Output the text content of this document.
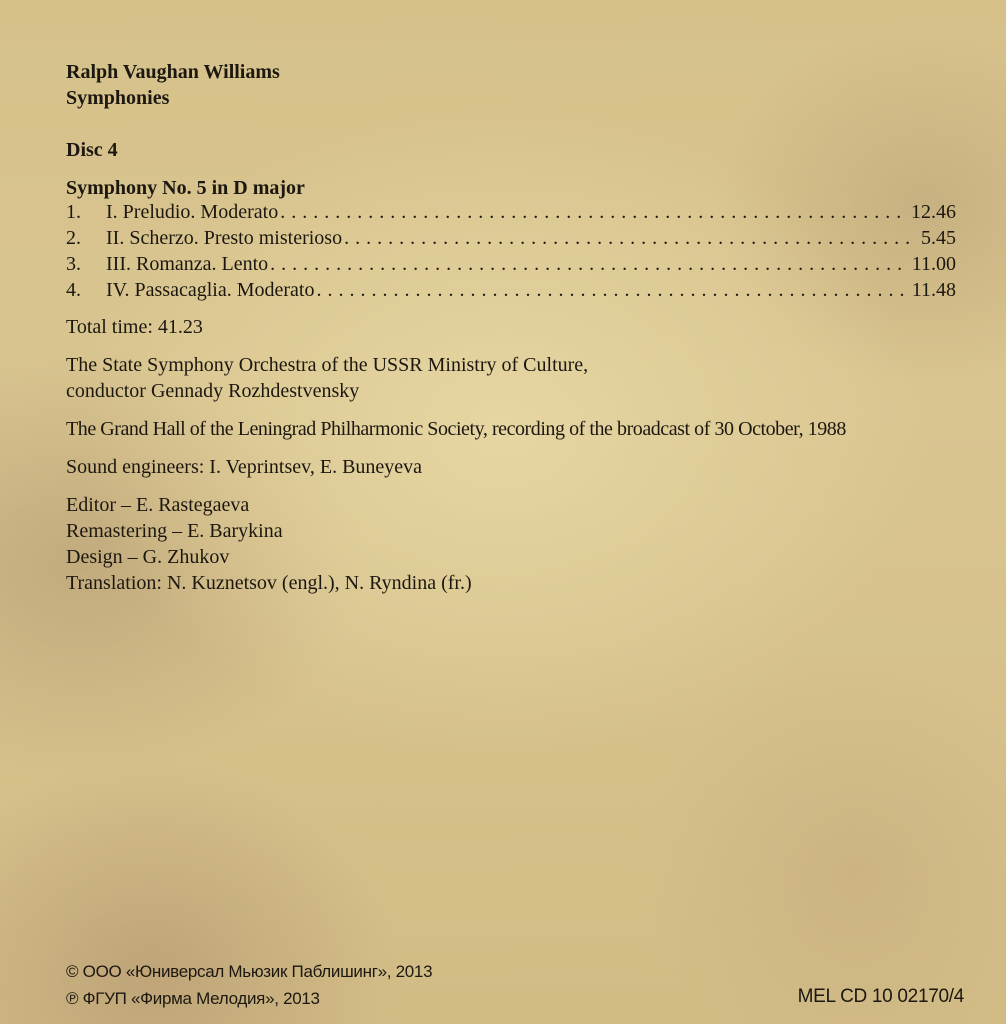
Ralph Vaughan Williams
Symphonies
Disc 4
Symphony No. 5 in D major
1.	I. Preludio. Moderato . . .	12.46
2.	II. Scherzo. Presto misterioso . . .	5.45
3.	III. Romanza. Lento . . .	11.00
4.	IV. Passacaglia. Moderato . . .	11.48
Total time: 41.23
The State Symphony Orchestra of the USSR Ministry of Culture,
conductor Gennady Rozhdestvensky
The Grand Hall of the Leningrad Philharmonic Society, recording of the broadcast of 30 October, 1988
Sound engineers: I. Veprintsev, E. Buneyeva
Editor – E. Rastegaeva
Remastering – E. Barykina
Design – G. Zhukov
Translation: N. Kuznetsov (engl.), N. Ryndina (fr.)
© ООО «Юниверсал Мьюзик Паблишинг», 2013
℗ ФГУП «Фирма Мелодия», 2013	MEL CD 10 02170/4
